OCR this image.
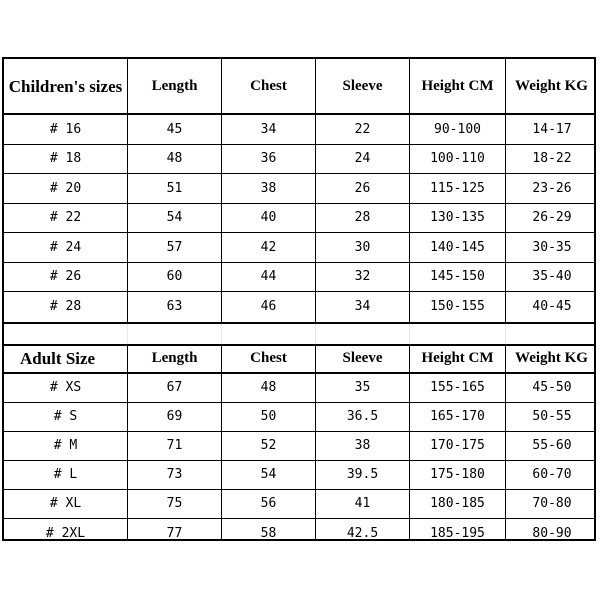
Children's sizes	Length	Chest	Sleeve	Height CM	Weight KG
# 16	45	34	22	90-100	14-17
# 18	48	36	24	100-110	18-22
# 20	51	38	26	115-125	23-26
# 22	54	40	28	130-135	26-29
# 24	57	42	30	140-145	30-35
# 26	60	44	32	145-150	35-40
# 28	63	46	34	150-155	40-45
Adult Size	Length	Chest	Sleeve	Height CM	Weight KG
# XS	67	48	35	155-165	45-50
# S	69	50	36.5	165-170	50-55
# M	71	52	38	170-175	55-60
# L	73	54	39.5	175-180	60-70
# XL	75	56	41	180-185	70-80
# 2XL	77	58	42.5	185-195	80-90
